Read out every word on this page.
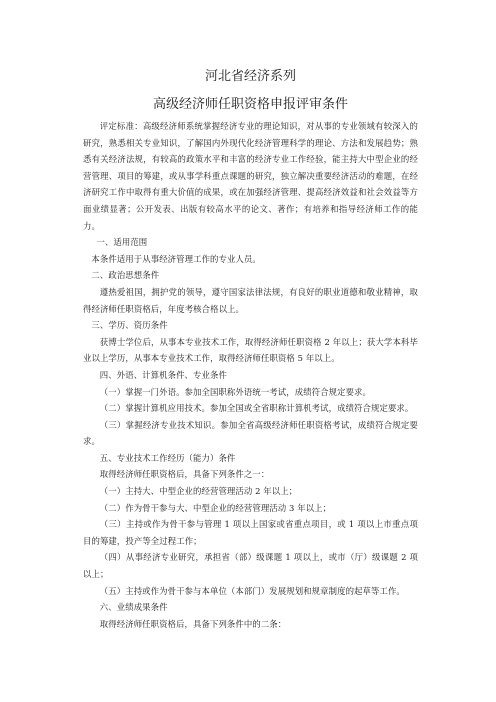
河北省经济系列
高级经济师任职资格申报评审条件

评定标准：高级经济师系统掌握经济专业的理论知识，对从事的专业领域有较深入的研究，熟悉相关专业知识，了解国内外现代化经济管理科学的理论、方法和发展趋势；熟悉有关经济法规，有较高的政策水平和丰富的经济专业工作经验，能主持大中型企业的经营管理、项目的筹建，或从事学科重点课题的研究，独立解决重要经济活动的难题，在经济研究工作中取得有重大价值的成果，或在加强经济管理、提高经济效益和社会效益等方面业绩显著；公开发表、出版有较高水平的论文、著作；有培养和指导经济师工作的能力。

一、适用范围

本条件适用于从事经济管理工作的专业人员。

二、政治思想条件

遵热爱祖国，拥护党的领导，遵守国家法律法规，有良好的职业道德和敬业精神，取得经济师任职资格后，年度考核合格以上。

三、学历、资历条件

获博士学位后，从事本专业技术工作，取得经济师任职资格 2 年以上；获大学本科毕业以上学历，从事本专业技术工作，取得经济师任职资格 5 年以上。

四、外语、计算机条件、专业条件

（一）掌握一门外语。参加全国职称外语统一考试，成绩符合规定要求。

（二）掌握计算机应用技术。参加全国或全省职称计算机考试，成绩符合规定要求。

（三）掌握经济专业技术知识。参加全省高级经济师任职资格考试，成绩符合规定要求。

五、专业技术工作经历（能力）条件

取得经济师任职资格后，具备下列条件之一：

（一）主持大、中型企业的经营管理活动 2 年以上；

（二）作为骨干参与大、中型企业的经营管理活动 3 年以上；

（三）主持或作为骨干参与管理 1 项以上国家或省重点项目，或 1 项以上市重点项目的筹建，投产等全过程工作；

（四）从事经济专业研究，承担省（部）级课题 1 项以上，或市（厅）级课题 2 项以上；

（五）主持或作为骨干参与本单位（本部门）发展规划和规章制度的起草等工作。

六、业绩成果条件

取得经济师任职资格后，具备下列条件中的二条：
